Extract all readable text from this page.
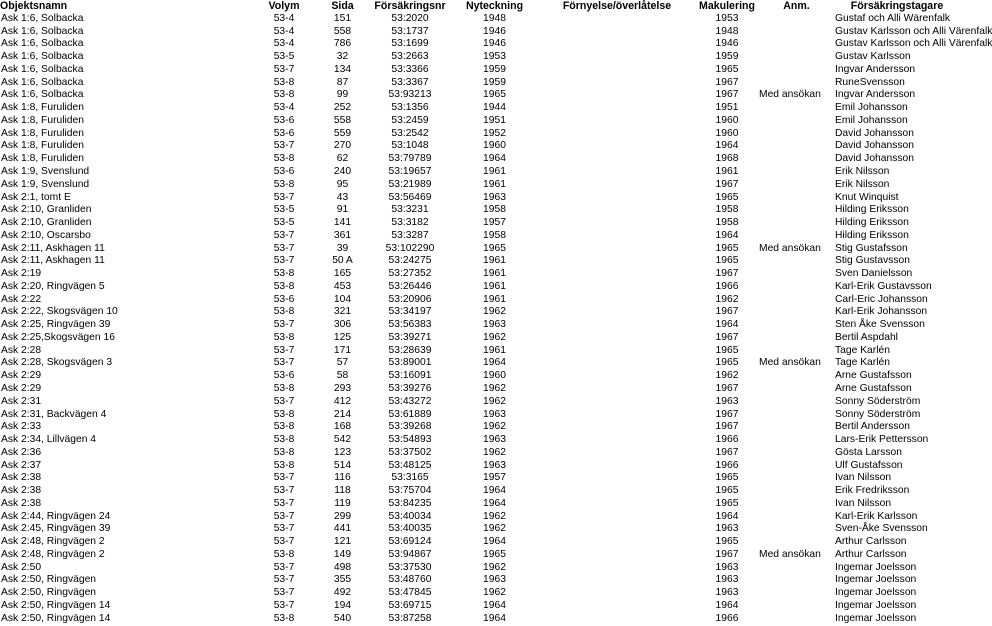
Objektsnamn	Volym	Sida	Försäkringsnr	Nyteckning	Förnyelse/överlåtelse	Makulering	Anm.	Försäkringstagare
Ask 1:6, Solbacka	53-4	151	53:2020	1948		1953		Gustaf och Alli Wärenfalk
Ask 1:6, Solbacka	53-4	558	53:1737	1946		1948		Gustav Karlsson och Alli Värenfalk
Ask 1:6, Solbacka	53-4	786	53:1699	1946		1946		Gustav Karlsson och Alli Värenfalk
Ask 1:6, Solbacka	53-5	32	53:2663	1953		1959		Gustav Karlsson
Ask 1:6, Solbacka	53-7	134	53:3366	1959		1965		Ingvar Andersson
Ask 1:6, Solbacka	53-8	87	53:3367	1959		1967		RuneSvensson
Ask 1:6, Solbacka	53-8	99	53:93213	1965		1967	Med ansökan	Ingvar Andersson
Ask 1:8, Furuliden	53-4	252	53:1356	1944		1951		Emil Johansson
Ask 1:8, Furuliden	53-6	558	53:2459	1951		1960		Emil Johansson
Ask 1:8, Furuliden	53-6	559	53:2542	1952		1960		David Johansson
Ask 1:8, Furuliden	53-7	270	53:1048	1960		1964		David Johansson
Ask 1:8, Furuliden	53-8	62	53:79789	1964		1968		David Johansson
Ask 1:9, Svenslund	53-6	240	53:19657	1961		1961		Erik Nilsson
Ask 1:9, Svenslund	53-8	95	53:21989	1961		1967		Erik Nilsson
Ask 2:1, tomt E	53-7	43	53:56469	1963		1965		Knut Winquist
Ask 2:10, Granliden	53-5	91	53:3231	1958		1958		Hilding Eriksson
Ask 2:10, Granliden	53-5	141	53:3182	1957		1958		Hilding Eriksson
Ask 2:10, Oscarsbo	53-7	361	53:3287	1958		1964		Hilding Eriksson
Ask 2:11, Askhagen 11	53-7	39	53:102290	1965		1965	Med ansökan	Stig Gustafsson
Ask 2:11, Askhagen 11	53-7	50 A	53:24275	1961		1965		Stig Gustavsson
Ask 2:19	53-8	165	53:27352	1961		1967		Sven Danielsson
Ask 2:20, Ringvägen 5	53-8	453	53:26446	1961		1966		Karl-Erik Gustavsson
Ask 2:22	53-6	104	53:20906	1961		1962		Carl-Eric Johansson
Ask 2:22, Skogsvägen 10	53-8	321	53:34197	1962		1967		Karl-Erik Johansson
Ask 2:25, Ringvägen 39	53-7	306	53:56383	1963		1964		Sten Åke Svensson
Ask 2:25,Skogsvägen 16	53-8	125	53:39271	1962		1967		Bertil Aspdahl
Ask 2:28	53-7	171	53:28639	1961		1965		Tage Karlén
Ask 2:28, Skogsvägen 3	53-7	57	53:89001	1964		1965	Med ansökan	Tage Karlén
Ask 2:29	53-6	58	53:16091	1960		1962		Arne Gustafsson
Ask 2:29	53-8	293	53:39276	1962		1967		Arne Gustafsson
Ask 2:31	53-7	412	53:43272	1962		1963		Sonny Söderström
Ask 2:31, Backvägen 4	53-8	214	53:61889	1963		1967		Sonny Söderström
Ask 2:33	53-8	168	53:39268	1962		1967		Bertil Andersson
Ask 2:34, Lillvägen 4	53-8	542	53:54893	1963		1966		Lars-Erik Pettersson
Ask 2:36	53-8	123	53:37502	1962		1967		Gösta Larsson
Ask 2:37	53-8	514	53:48125	1963		1966		Ulf Gustafsson
Ask 2:38	53-7	116	53:3165	1957		1965		Ivan Nilsson
Ask 2:38	53-7	118	53:75704	1964		1965		Erik Fredriksson
Ask 2:38	53-7	119	53:84235	1964		1965		Ivan Nilsson
Ask 2:44, Ringvägen 24	53-7	299	53:40034	1962		1964		Karl-Erik Karlsson
Ask 2:45, Ringvägen 39	53-7	441	53:40035	1962		1963		Sven-Åke Svensson
Ask 2:48, Ringvägen 2	53-7	121	53:69124	1964		1965		Arthur Carlsson
Ask 2:48, Ringvägen 2	53-8	149	53:94867	1965		1967	Med ansökan	Arthur Carlsson
Ask 2:50	53-7	498	53:37530	1962		1963		Ingemar Joelsson
Ask 2:50, Ringvägen	53-7	355	53:48760	1963		1963		Ingemar Joelsson
Ask 2:50, Ringvägen	53-7	492	53:47845	1962		1963		Ingemar Joelsson
Ask 2:50, Ringvägen 14	53-7	194	53:69715	1964		1964		Ingemar Joelsson
Ask 2:50, Ringvägen 14	53-8	540	53:87258	1964		1966		Ingemar Joelsson
